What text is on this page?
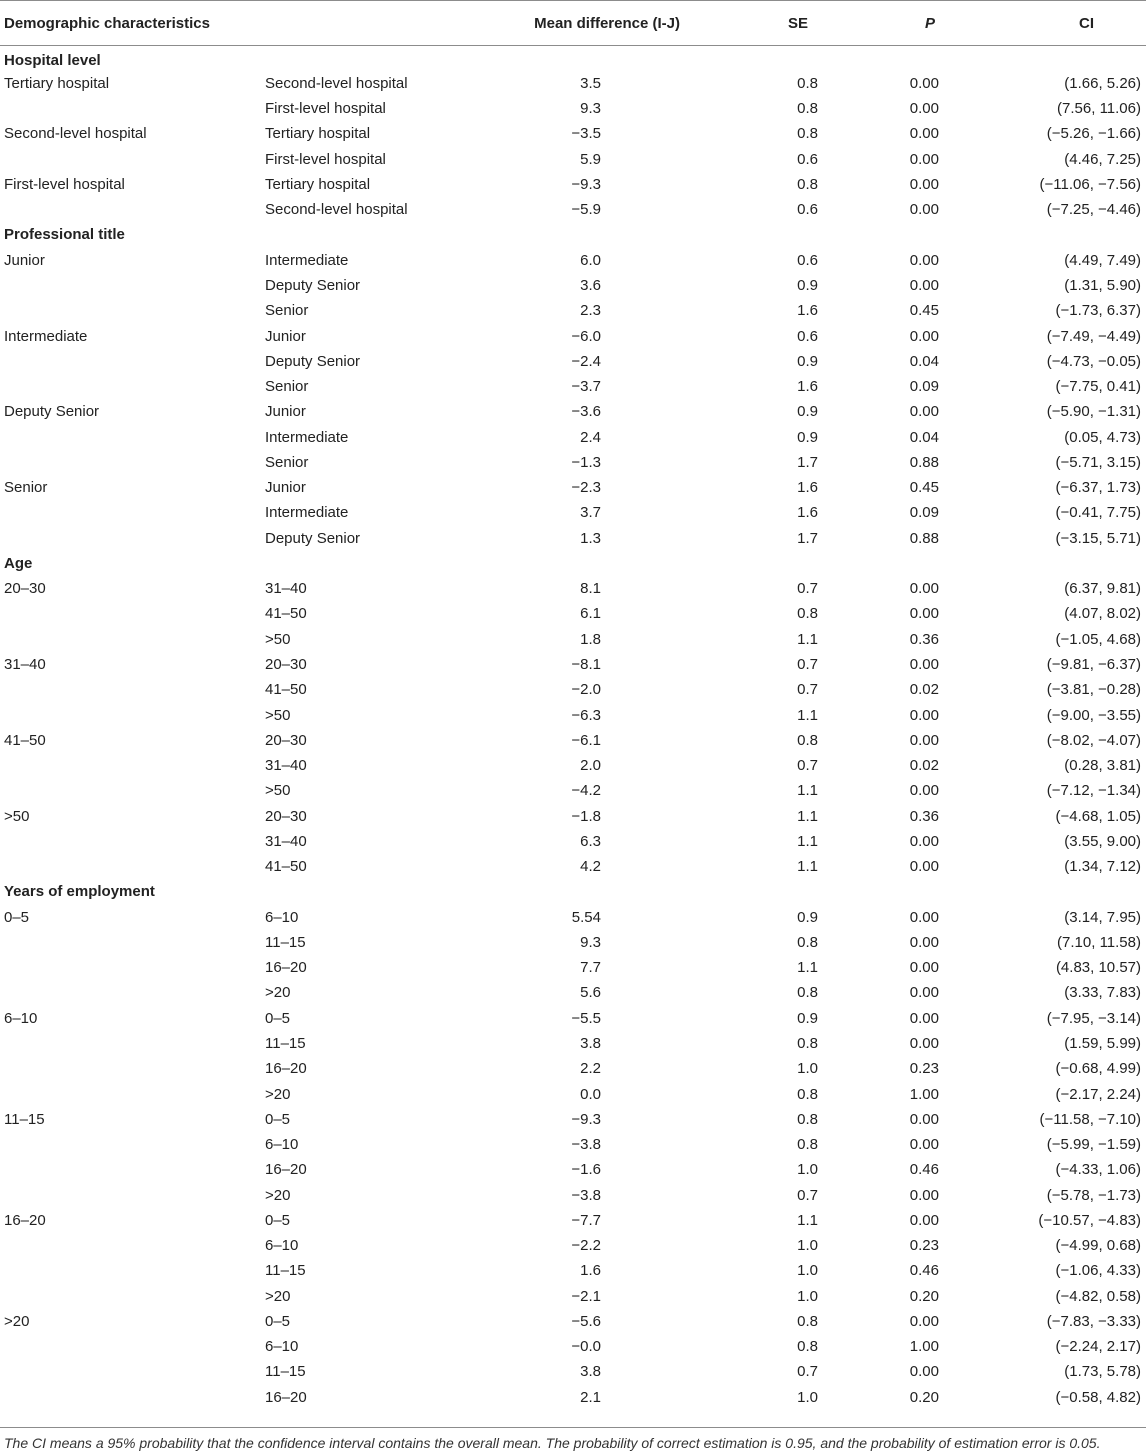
Demographic characteristics		Mean difference (I-J)	SE	P	CI
Hospital level					
Tertiary hospital	Second-level hospital	3.5	0.8	0.00	(1.66, 5.26)
	First-level hospital	9.3	0.8	0.00	(7.56, 11.06)
Second-level hospital	Tertiary hospital	−3.5	0.8	0.00	(−5.26, −1.66)
	First-level hospital	5.9	0.6	0.00	(4.46, 7.25)
First-level hospital	Tertiary hospital	−9.3	0.8	0.00	(−11.06, −7.56)
	Second-level hospital	−5.9	0.6	0.00	(−7.25, −4.46)
Professional title					
Junior	Intermediate	6.0	0.6	0.00	(4.49, 7.49)
	Deputy Senior	3.6	0.9	0.00	(1.31, 5.90)
	Senior	2.3	1.6	0.45	(−1.73, 6.37)
Intermediate	Junior	−6.0	0.6	0.00	(−7.49, −4.49)
	Deputy Senior	−2.4	0.9	0.04	(−4.73, −0.05)
	Senior	−3.7	1.6	0.09	(−7.75, 0.41)
Deputy Senior	Junior	−3.6	0.9	0.00	(−5.90, −1.31)
	Intermediate	2.4	0.9	0.04	(0.05, 4.73)
	Senior	−1.3	1.7	0.88	(−5.71, 3.15)
Senior	Junior	−2.3	1.6	0.45	(−6.37, 1.73)
	Intermediate	3.7	1.6	0.09	(−0.41, 7.75)
	Deputy Senior	1.3	1.7	0.88	(−3.15, 5.71)
Age					
20–30	31–40	8.1	0.7	0.00	(6.37, 9.81)
	41–50	6.1	0.8	0.00	(4.07, 8.02)
	>50	1.8	1.1	0.36	(−1.05, 4.68)
31–40	20–30	−8.1	0.7	0.00	(−9.81, −6.37)
	41–50	−2.0	0.7	0.02	(−3.81, −0.28)
	>50	−6.3	1.1	0.00	(−9.00, −3.55)
41–50	20–30	−6.1	0.8	0.00	(−8.02, −4.07)
	31–40	2.0	0.7	0.02	(0.28, 3.81)
	>50	−4.2	1.1	0.00	(−7.12, −1.34)
>50	20–30	−1.8	1.1	0.36	(−4.68, 1.05)
	31–40	6.3	1.1	0.00	(3.55, 9.00)
	41–50	4.2	1.1	0.00	(1.34, 7.12)
Years of employment					
0–5	6–10	5.54	0.9	0.00	(3.14, 7.95)
	11–15	9.3	0.8	0.00	(7.10, 11.58)
	16–20	7.7	1.1	0.00	(4.83, 10.57)
	>20	5.6	0.8	0.00	(3.33, 7.83)
6–10	0–5	−5.5	0.9	0.00	(−7.95, −3.14)
	11–15	3.8	0.8	0.00	(1.59, 5.99)
	16–20	2.2	1.0	0.23	(−0.68, 4.99)
	>20	0.0	0.8	1.00	(−2.17, 2.24)
11–15	0–5	−9.3	0.8	0.00	(−11.58, −7.10)
	6–10	−3.8	0.8	0.00	(−5.99, −1.59)
	16–20	−1.6	1.0	0.46	(−4.33, 1.06)
	>20	−3.8	0.7	0.00	(−5.78, −1.73)
16–20	0–5	−7.7	1.1	0.00	(−10.57, −4.83)
	6–10	−2.2	1.0	0.23	(−4.99, 0.68)
	11–15	1.6	1.0	0.46	(−1.06, 4.33)
	>20	−2.1	1.0	0.20	(−4.82, 0.58)
>20	0–5	−5.6	0.8	0.00	(−7.83, −3.33)
	6–10	−0.0	0.8	1.00	(−2.24, 2.17)
	11–15	3.8	0.7	0.00	(1.73, 5.78)
	16–20	2.1	1.0	0.20	(−0.58, 4.82)
The CI means a 95% probability that the confidence interval contains the overall mean. The probability of correct estimation is 0.95, and the probability of estimation error is 0.05.
